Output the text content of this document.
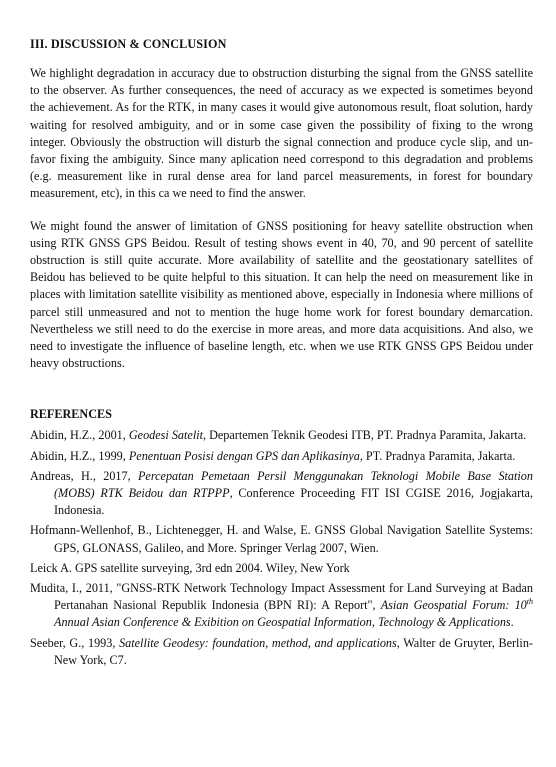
III. DISCUSSION & CONCLUSION

We highlight degradation in accuracy due to obstruction disturbing the signal from the GNSS satellite to the observer. As further consequences, the need of accuracy as we expected is sometimes beyond the achievement. As for the RTK, in many cases it would give autonomous result, float solution, hardy waiting for resolved ambiguity, and or in some case given the possibility of fixing to the wrong integer. Obviously the obstruction will disturb the signal connection and produce cycle slip, and un-favor fixing the ambiguity. Since many aplication need correspond to this degradation and problems (e.g. measurement like in rural dense area for land parcel measurements, in forest for boundary measurement, etc), in this ca we need to find the answer.

We might found the answer of limitation of GNSS positioning for heavy satellite obstruction when using RTK GNSS GPS Beidou. Result of testing shows event in 40, 70, and 90 percent of satellite obstruction is still quite accurate. More availability of satellite and the geostationary satellites of Beidou has believed to be quite helpful to this situation. It can help the need on measurement like in places with limitation satellite visibility as mentioned above, especially in Indonesia where millions of parcel still unmeasured and not to mention the huge home work for forest boundary demarcation. Nevertheless we still need to do the exercise in more areas, and more data acquisitions. And also, we need to investigate the influence of baseline length, etc. when we use RTK GNSS GPS Beidou under heavy obstructions.

REFERENCES
Abidin, H.Z., 2001, Geodesi Satelit, Departemen Teknik Geodesi ITB, PT. Pradnya Paramita, Jakarta.
Abidin, H.Z., 1999, Penentuan Posisi dengan GPS dan Aplikasinya, PT. Pradnya Paramita, Jakarta.
Andreas, H., 2017, Percepatan Pemetaan Persil Menggunakan Teknologi Mobile Base Station (MOBS) RTK Beidou dan RTPPP, Conference Proceeding FIT ISI CGISE 2016, Jogjakarta, Indonesia.
Hofmann-Wellenhof, B., Lichtenegger, H. and Walse, E. GNSS Global Navigation Satellite Systems: GPS, GLONASS, Galileo, and More. Springer Verlag 2007, Wien.
Leick A. GPS satellite surveying, 3rd edn 2004. Wiley, New York
Mudita, I., 2011, "GNSS-RTK Network Technology Impact Assessment for Land Surveying at Badan Pertanahan Nasional Republik Indonesia (BPN RI): A Report", Asian Geospatial Forum: 10th Annual Asian Conference & Exibition on Geospatial Information, Technology & Applications.
Seeber, G., 1993, Satellite Geodesy: foundation, method, and applications, Walter de Gruyter, Berlin-New York, C7.
